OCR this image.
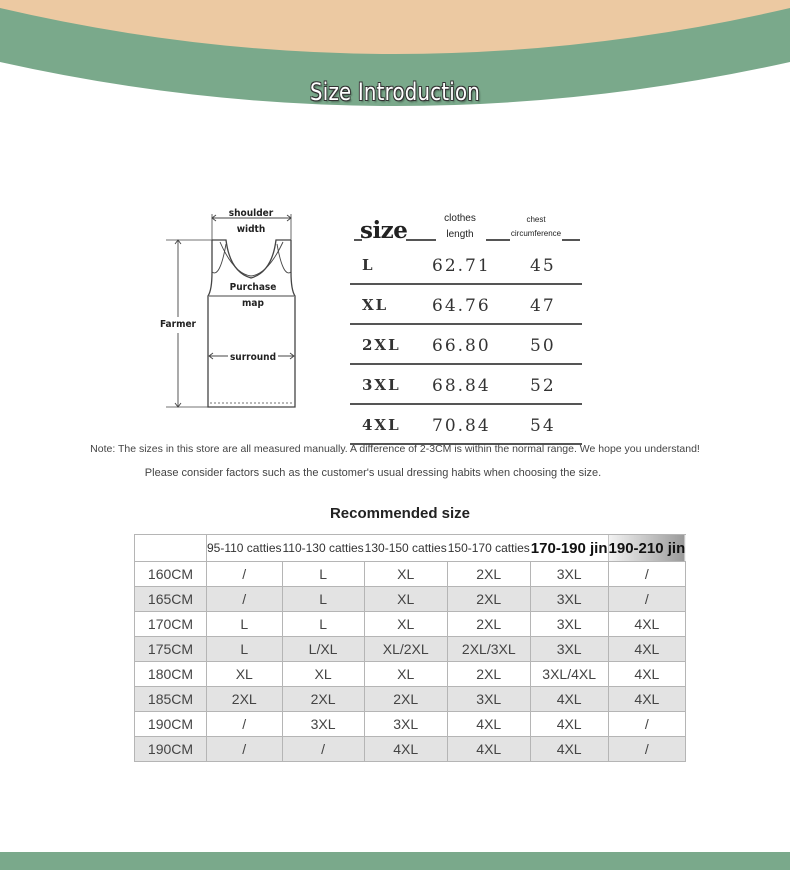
Size Introduction
shoulder
width
Purchase
map
Farmer
surround
size	clothes
length
chest
circumference
L	62.71 45
XL	64.76 47
2XL 66.80 50
3XL 68.84 52
4XL 70.84 54
Note: The sizes in this store are all measured manually. A difference of 2-3CM is within the normal range. We hope you understand!
Please consider factors such as the customer's usual dressing habits when choosing the size.
Recommended size
	95-110 catties	110-130 catties	130-150 catties	150-170 catties	170-190 jin	190-210 jin
160CM	/	L	XL	2XL	3XL	/
165CM	/	L	XL	2XL	3XL	/
170CM	L	L	XL	2XL	3XL	4XL
175CM	L	L/XL	XL/2XL	2XL/3XL	3XL	4XL
180CM	XL	XL	XL	2XL	3XL/4XL	4XL
185CM	2XL	2XL	2XL	3XL	4XL	4XL
190CM	/	3XL	3XL	4XL	4XL	/
190CM	/	/	4XL	4XL	4XL	/
